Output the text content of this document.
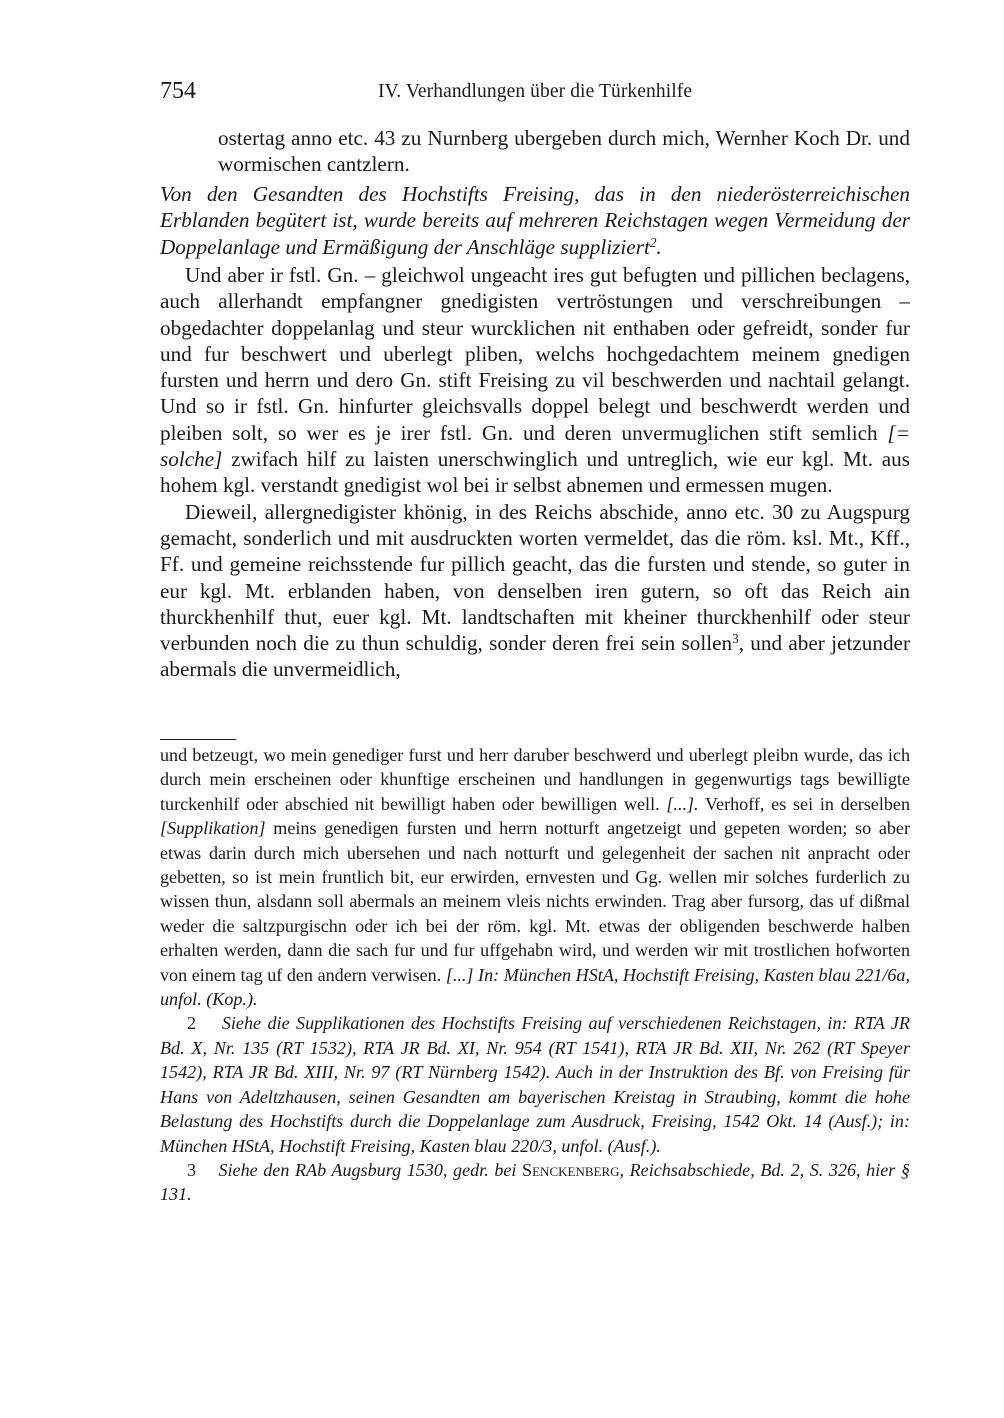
754	IV. Verhandlungen über die Türkenhilfe

ostertag anno etc. 43 zu Nurnberg ubergeben durch mich, Wernher Koch Dr. und wormischen cantzlern.

Von den Gesandten des Hochstifts Freising, das in den niederösterreichischen Erblanden begütert ist, wurde bereits auf mehreren Reichstagen wegen Vermeidung der Doppelanlage und Ermäßigung der Anschläge suppliziert$^2$.

Und aber ir fstl. Gn. – gleichwol ungeacht ires gut befugten und pillichen beclagens, auch allerhandt empfangner gnedigisten vertröstungen und verschreibungen – obgedachter doppelanlag und steur wurcklichen nit enthaben oder gefreidt, sonder fur und fur beschwert und uberlegt pliben, welchs hochgedachtem meinem gnedigen fursten und herrn und dero Gn. stift Freising zu vil beschwerden und nachtail gelangt. Und so ir fstl. Gn. hinfurter gleichsvalls doppel belegt und beschwerdt werden und pleiben solt, so wer es je irer fstl. Gn. und deren unvermuglichen stift semlich [= solche] zwifach hilf zu laisten unerschwinglich und untreglich, wie eur kgl. Mt. aus hohem kgl. verstandt gnedigist wol bei ir selbst abnemen und ermessen mugen.

Dieweil, allergnedigister khönig, in des Reichs abschide, anno etc. 30 zu Augspurg gemacht, sonderlich und mit ausdruckten worten vermeldet, das die röm. ksl. Mt., Kff., Ff. und gemeine reichsstende fur pillich geacht, das die fursten und stende, so guter in eur kgl. Mt. erblanden haben, von denselben iren gutern, so oft das Reich ain thurckhenhilf thut, euer kgl. Mt. landtschaften mit kheiner thurckhenhilf oder steur verbunden noch die zu thun schuldig, sonder deren frei sein sollen$^3$, und aber jetzunder abermals die unvermeidlich,

und betzeugt, wo mein genediger furst und herr daruber beschwerd und uberlegt pleibn wurde, das ich durch mein erscheinen oder khunftige erscheinen und handlungen in gegenwurtigs tags bewilligte turckenhilf oder abschied nit bewilligt haben oder bewilligen well. [...]. Verhoff, es sei in derselben [Supplikation] meins genedigen fursten und herrn notturft angetzeigt und gepeten worden; so aber etwas darin durch mich ubersehen und nach notturft und gelegenheit der sachen nit anpracht oder gebetten, so ist mein fruntlich bit, eur erwirden, ernvesten und Gg. wellen mir solches furderlich zu wissen thun, alsdann soll abermals an meinem vleis nichts erwinden. Trag aber fursorg, das uf dißmal weder die saltzpurgischn oder ich bei der röm. kgl. Mt. etwas der obligenden beschwerde halben erhalten werden, dann die sach fur und fur uffgehabn wird, und werden wir mit trostlichen hofworten von einem tag uf den andern verwisen. [...] In: München HStA, Hochstift Freising, Kasten blau 221/6a, unfol. (Kop.).

2 Siehe die Supplikationen des Hochstifts Freising auf verschiedenen Reichstagen, in: RTA JR Bd. X, Nr. 135 (RT 1532), RTA JR Bd. XI, Nr. 954 (RT 1541), RTA JR Bd. XII, Nr. 262 (RT Speyer 1542), RTA JR Bd. XIII, Nr. 97 (RT Nürnberg 1542). Auch in der Instruktion des Bf. von Freising für Hans von Adeltzhausen, seinen Gesandten am bayerischen Kreistag in Straubing, kommt die hohe Belastung des Hochstifts durch die Doppelanlage zum Ausdruck, Freising, 1542 Okt. 14 (Ausf.); in: München HStA, Hochstift Freising, Kasten blau 220/3, unfol. (Ausf.).

3 Siehe den RAb Augsburg 1530, gedr. bei Senckenberg, Reichsabschiede, Bd. 2, S. 326, hier § 131.
